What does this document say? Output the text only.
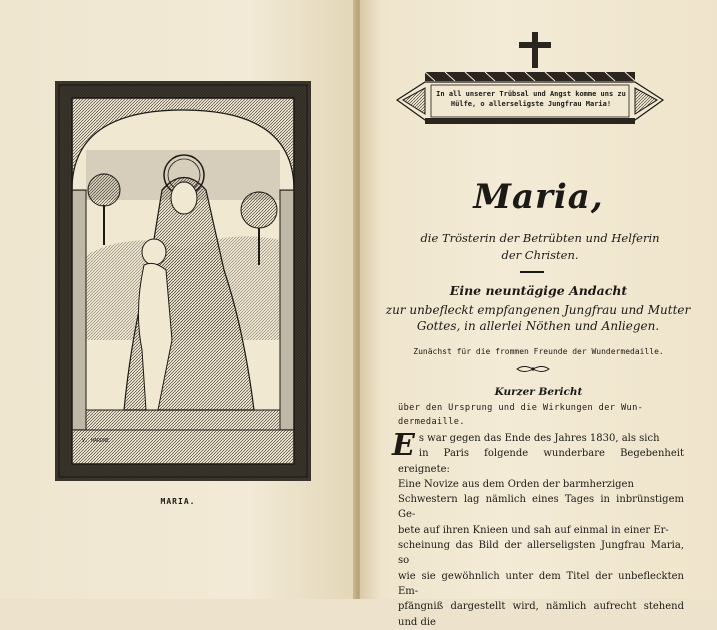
V. HARDNE
MARIA.
In all unserer Trübsal und Angst komme uns zu Hülfe, o allerseligste Jungfrau Maria!
Maria,
die Trösterin der Betrübten und Helferin
der Christen.
Eine neuntägige Andacht
zur unbefleckt empfangenen Jungfrau und Mutter
Gottes, in allerlei Nöthen und Anliegen.
Zunächst für die frommen Freunde der Wundermedaille.
Kurzer Bericht
über den Ursprung und die Wirkungen der Wun-
dermedaille.
E s war gegen das Ende des Jahres 1830, als sich

in Paris folgende wunderbare Begebenheit ereignete:

Eine Novize aus dem Orden der barmherzigen

Schwestern lag nämlich eines Tages in inbrünstigem Ge-

bete auf ihren Knieen und sah auf einmal in einer Er-

scheinung das Bild der allerseligsten Jungfrau Maria, so

wie sie gewöhnlich unter dem Titel der unbefleckten Em-

pfängniß dargestellt wird, nämlich aufrecht stehend und die
